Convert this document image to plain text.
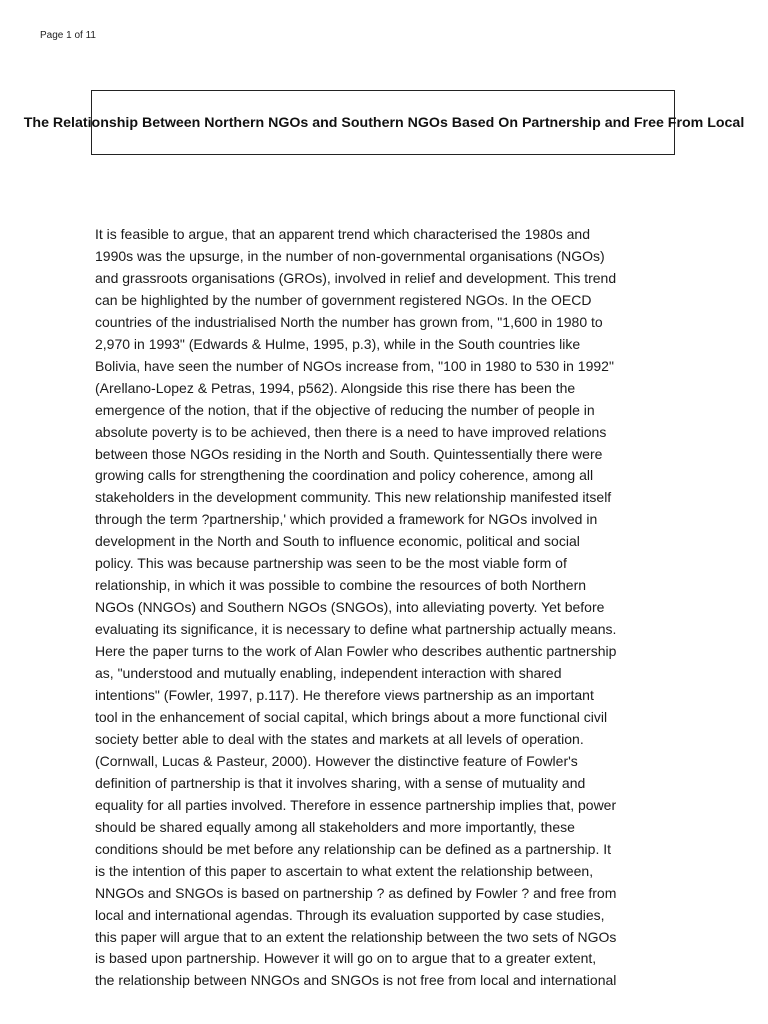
Page 1 of 11
The Relationship Between Northern NGOs and Southern NGOs Based On Partnership and Free From Local
It is feasible to argue, that an apparent trend which characterised the 1980s and
1990s was the upsurge, in the number of non-governmental organisations (NGOs)
and grassroots organisations (GROs), involved in relief and development. This trend
can be highlighted by the number of government registered NGOs. In the OECD
countries of the industrialised North the number has grown from, "1,600 in 1980 to
2,970 in 1993" (Edwards & Hulme, 1995, p.3), while in the South countries like
Bolivia, have seen the number of NGOs increase from, "100 in 1980 to 530 in 1992"
(Arellano-Lopez & Petras, 1994, p562). Alongside this rise there has been the
emergence of the notion, that if the objective of reducing the number of people in
absolute poverty is to be achieved, then there is a need to have improved relations
between those NGOs residing in the North and South. Quintessentially there were
growing calls for strengthening the coordination and policy coherence, among all
stakeholders in the development community. This new relationship manifested itself
through the term ?partnership,' which provided a framework for NGOs involved in
development in the North and South to influence economic, political and social
policy. This was because partnership was seen to be the most viable form of
relationship, in which it was possible to combine the resources of both Northern
NGOs (NNGOs) and Southern NGOs (SNGOs), into alleviating poverty. Yet before
evaluating its significance, it is necessary to define what partnership actually means.
Here the paper turns to the work of Alan Fowler who describes authentic partnership
as, "understood and mutually enabling, independent interaction with shared
intentions" (Fowler, 1997, p.117). He therefore views partnership as an important
tool in the enhancement of social capital, which brings about a more functional civil
society better able to deal with the states and markets at all levels of operation.
(Cornwall, Lucas & Pasteur, 2000). However the distinctive feature of Fowler's
definition of partnership is that it involves sharing, with a sense of mutuality and
equality for all parties involved. Therefore in essence partnership implies that, power
should be shared equally among all stakeholders and more importantly, these
conditions should be met before any relationship can be defined as a partnership. It
is the intention of this paper to ascertain to what extent the relationship between,
NNGOs and SNGOs is based on partnership ? as defined by Fowler ? and free from
local and international agendas. Through its evaluation supported by case studies,
this paper will argue that to an extent the relationship between the two sets of NGOs
is based upon partnership. However it will go on to argue that to a greater extent,
the relationship between NNGOs and SNGOs is not free from local and international
